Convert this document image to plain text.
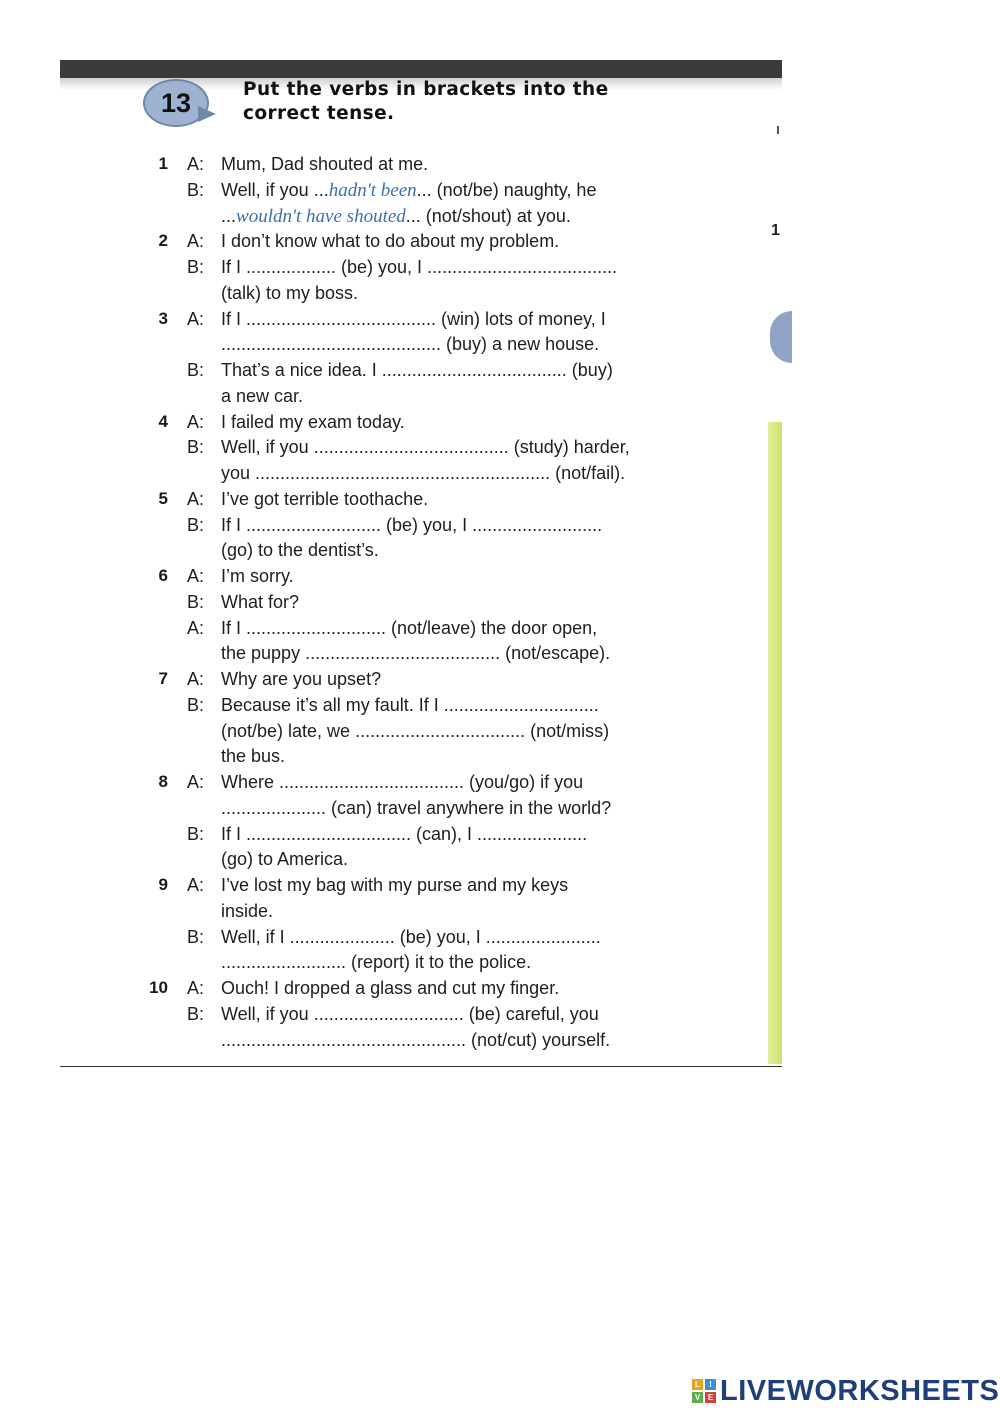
13	Put the verbs in brackets into the
correct tense.
1
1 A: Mum, Dad shouted at me.
B: Well, if you ...hadn't been... (not/be) naughty, he
...wouldn't have shouted... (not/shout) at you.
2 A: I don’t know what to do about my problem.
B: If I .................. (be) you, I ......................................
(talk) to my boss.
3 A: If I ...................................... (win) lots of money, I
............................................ (buy) a new house.
B: That’s a nice idea. I ..................................... (buy)
a new car.
4 A: I failed my exam today.
B: Well, if you ....................................... (study) harder,
you ........................................................... (not/fail).
5 A: I’ve got terrible toothache.
B: If I ........................... (be) you, I ..........................
(go) to the dentist’s.
6 A: I’m sorry.
B: What for?
A: If I ............................ (not/leave) the door open,
the puppy ....................................... (not/escape).
7 A: Why are you upset?
B: Because it’s all my fault. If I ...............................
(not/be) late, we .................................. (not/miss)
the bus.
8 A: Where ..................................... (you/go) if you
..................... (can) travel anywhere in the world?
B: If I ................................. (can), I ......................
(go) to America.
9 A: I’ve lost my bag with my purse and my keys
inside.
B: Well, if I ..................... (be) you, I .......................
......................... (report) it to the police.
10 A: Ouch! I dropped a glass and cut my finger.
B: Well, if you .............................. (be) careful, you
................................................. (not/cut) yourself.
L	I
V E LIVEWORKSHEETS
